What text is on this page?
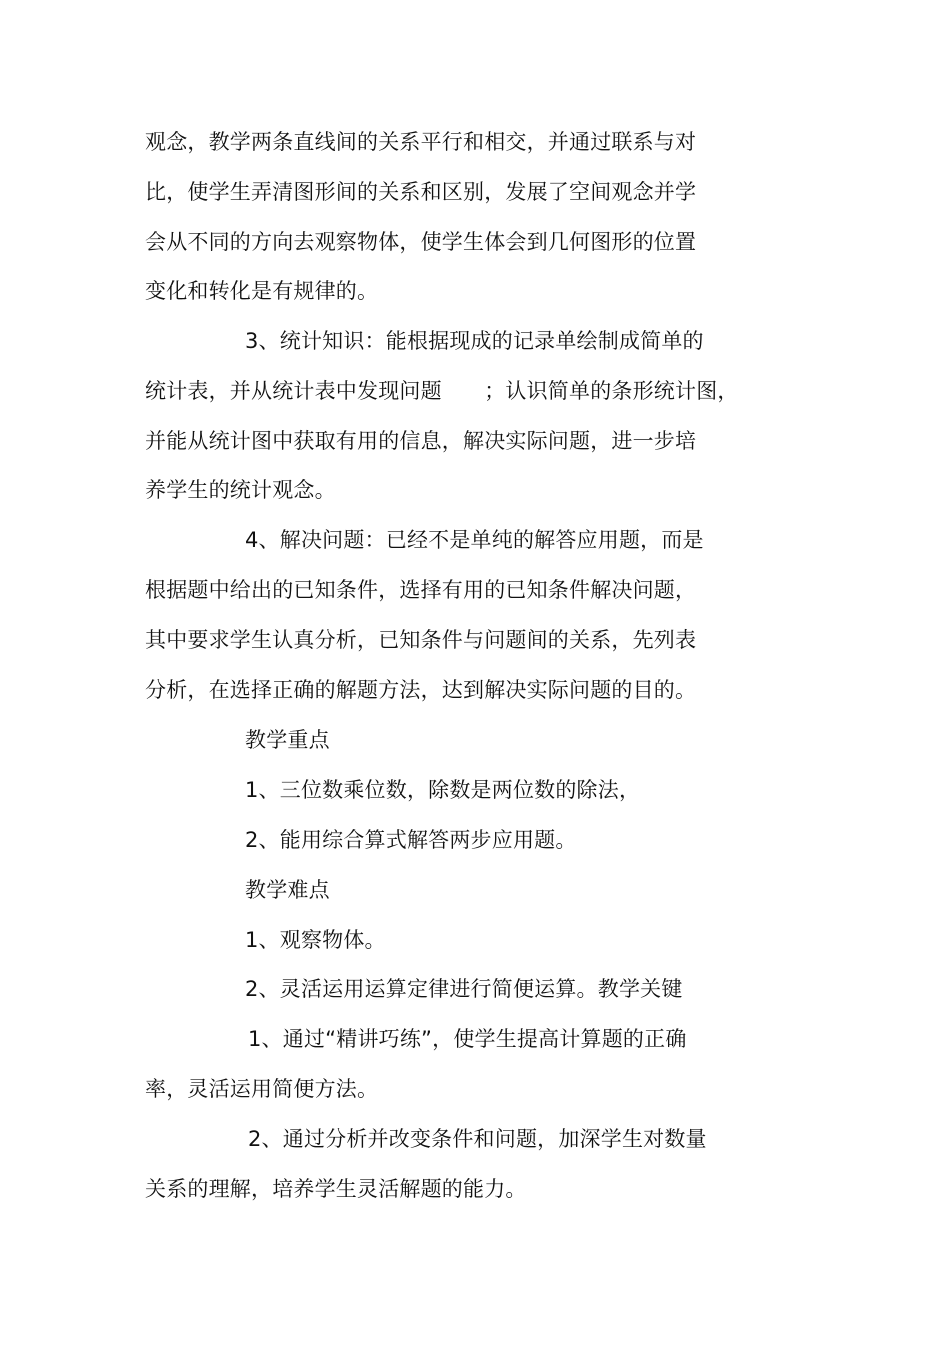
观念，教学两条直线间的关系平行和相交，并通过联系与对
比，使学生弄清图形间的关系和区别，发展了空间观念并学
会从不同的方向去观察物体，使学生体会到几何图形的位置
变化和转化是有规律的。
3、统计知识：能根据现成的记录单绘制成简单的
统计表，并从统计表中发现问题　　；认识简单的条形统计图，
并能从统计图中获取有用的信息，解决实际问题，进一步培
养学生的统计观念。
4、解决问题：已经不是单纯的解答应用题，而是
根据题中给出的已知条件，选择有用的已知条件解决问题，
其中要求学生认真分析，已知条件与问题间的关系，先列表
分析，在选择正确的解题方法，达到解决实际问题的目的。
教学重点
1、三位数乘位数，除数是两位数的除法，
2、能用综合算式解答两步应用题。
教学难点
1、观察物体。
2、灵活运用运算定律进行简便运算。教学关键
1、通过“精讲巧练”，使学生提高计算题的正确
率，灵活运用简便方法。
2、通过分析并改变条件和问题，加深学生对数量
关系的理解，培养学生灵活解题的能力。
